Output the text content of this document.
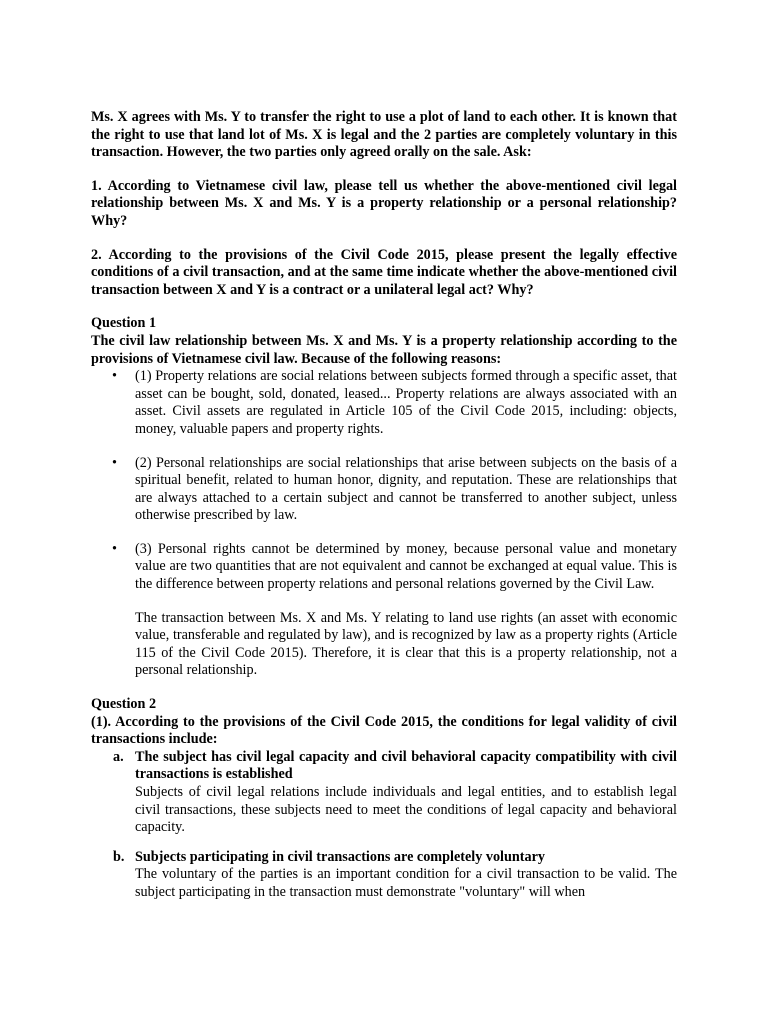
Ms. X agrees with Ms. Y to transfer the right to use a plot of land to each other. It is known that the right to use that land lot of Ms. X is legal and the 2 parties are completely voluntary in this transaction. However, the two parties only agreed orally on the sale. Ask:

1. According to Vietnamese civil law, please tell us whether the above-mentioned civil legal relationship between Ms. X and Ms. Y is a property relationship or a personal relationship? Why?

2. According to the provisions of the Civil Code 2015, please present the legally effective conditions of a civil transaction, and at the same time indicate whether the above-mentioned civil transaction between X and Y is a contract or a unilateral legal act? Why?

Question 1

The civil law relationship between Ms. X and Ms. Y is a property relationship according to the provisions of Vietnamese civil law. Because of the following reasons:

• (1) Property relations are social relations between subjects formed through a specific asset, that asset can be bought, sold, donated, leased... Property relations are always associated with an asset. Civil assets are regulated in Article 105 of the Civil Code 2015, including: objects, money, valuable papers and property rights.
• (2) Personal relationships are social relationships that arise between subjects on the basis of a spiritual benefit, related to human honor, dignity, and reputation. These are relationships that are always attached to a certain subject and cannot be transferred to another subject, unless otherwise prescribed by law.
• (3) Personal rights cannot be determined by money, because personal value and monetary value are two quantities that are not equivalent and cannot be exchanged at equal value. This is the difference between property relations and personal relations governed by the Civil Law.

The transaction between Ms. X and Ms. Y relating to land use rights (an asset with economic value, transferable and regulated by law), and is recognized by law as a property rights (Article 115 of the Civil Code 2015). Therefore, it is clear that this is a property relationship, not a personal relationship.

Question 2

(1). According to the provisions of the Civil Code 2015, the conditions for legal validity of civil transactions include:

a. The subject has civil legal capacity and civil behavioral capacity compatibility with civil transactions is established

Subjects of civil legal relations include individuals and legal entities, and to establish legal civil transactions, these subjects need to meet the conditions of legal capacity and behavioral capacity.

b. Subjects participating in civil transactions are completely voluntary

The voluntary of the parties is an important condition for a civil transaction to be valid. The subject participating in the transaction must demonstrate "voluntary" will when
